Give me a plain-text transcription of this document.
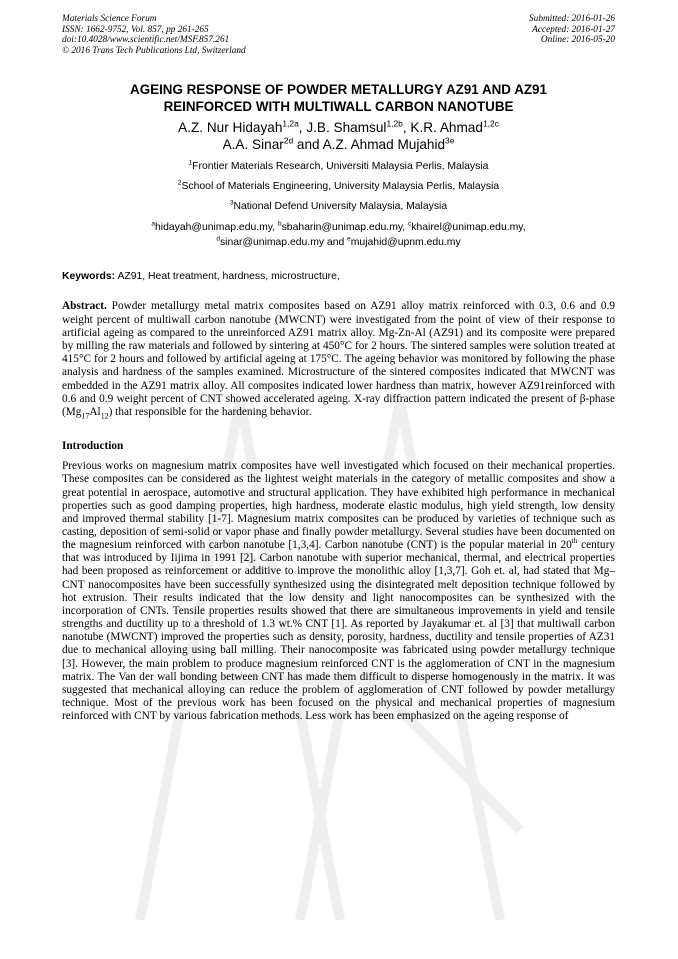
Materials Science Forum
ISSN: 1662-9752, Vol. 857, pp 261-265
doi:10.4028/www.scientific.net/MSF.857.261
© 2016 Trans Tech Publications Ltd, Switzerland
Submitted: 2016-01-26
Accepted: 2016-01-27
Online: 2016-05-20
AGEING RESPONSE OF POWDER METALLURGY AZ91 AND AZ91
REINFORCED WITH MULTIWALL CARBON NANOTUBE
A.Z. Nur Hidayah$^{1,2a}$, J.B. Shamsul$^{1,2b}$, K.R. Ahmad$^{1,2c}$
A.A. Sinar$^{2d}$ and A.Z. Ahmad Mujahid$^{3e}$
$^1$Frontier Materials Research, Universiti Malaysia Perlis, Malaysia
$^2$School of Materials Engineering, University Malaysia Perlis, Malaysia
$^3$National Defend University Malaysia, Malaysia
$^a$hidayah@unimap.edu.my, $^b$sbaharin@unimap.edu.my, $^c$khairel@unimap.edu.my,
$^d$sinar@unimap.edu.my and $^e$mujahid@upnm.edu.my
Keywords: AZ91, Heat treatment, hardness, microstructure,
Abstract. Powder metallurgy metal matrix composites based on AZ91 alloy matrix reinforced with 0.3, 0.6 and 0.9 weight percent of multiwall carbon nanotube (MWCNT) were investigated from the point of view of their response to artificial ageing as compared to the unreinforced AZ91 matrix alloy. Mg-Zn-Al (AZ91) and its composite were prepared by milling the raw materials and followed by sintering at 450°C for 2 hours. The sintered samples were solution treated at 415°C for 2 hours and followed by artificial ageing at 175°C. The ageing behavior was monitored by following the phase analysis and hardness of the samples examined. Microstructure of the sintered composites indicated that MWCNT was embedded in the AZ91 matrix alloy. All composites indicated lower hardness than matrix, however AZ91reinforced with 0.6 and 0.9 weight percent of CNT showed accelerated ageing. X-ray diffraction pattern indicated the present of β-phase $(Mg_{17}Al_{12})$ that responsible for the hardening behavior.
Introduction
Previous works on magnesium matrix composites have well investigated which focused on their mechanical properties. These composites can be considered as the lightest weight materials in the category of metallic composites and show a great potential in aerospace, automotive and structural application. They have exhibited high performance in mechanical properties such as good damping properties, high hardness, moderate elastic modulus, high yield strength, low density and improved thermal stability [1-7]. Magnesium matrix composites can be produced by varieties of technique such as casting, deposition of semi-solid or vapor phase and finally powder metallurgy. Several studies have been documented on the magnesium reinforced with carbon nanotube [1,3,4]. Carbon nanotube (CNT) is the popular material in 20th century that was introduced by Iijima in 1991 [2]. Carbon nanotube with superior mechanical, thermal, and electrical properties had been proposed as reinforcement or additive to improve the monolithic alloy [1,3,7]. Goh et. al, had stated that Mg–CNT nanocomposites have been successfully synthesized using the disintegrated melt deposition technique followed by hot extrusion. Their results indicated that the low density and light nanocomposites can be synthesized with the incorporation of CNTs. Tensile properties results showed that there are simultaneous improvements in yield and tensile strengths and ductility up to a threshold of 1.3 wt.% CNT [1]. As reported by Jayakumar et. al [3] that multiwall carbon nanotube (MWCNT) improved the properties such as density, porosity, hardness, ductility and tensile properties of AZ31 due to mechanical alloying using ball milling. Their nanocomposite was fabricated using powder metallurgy technique [3]. However, the main problem to produce magnesium reinforced CNT is the agglomeration of CNT in the magnesium matrix. The Van der wall bonding between CNT has made them difficult to disperse homogenously in the matrix. It was suggested that mechanical alloying can reduce the problem of agglomeration of CNT followed by powder metallurgy technique. Most of the previous work has been focused on the physical and mechanical properties of magnesium reinforced with CNT by various fabrication methods. Less work has been emphasized on the ageing response of
